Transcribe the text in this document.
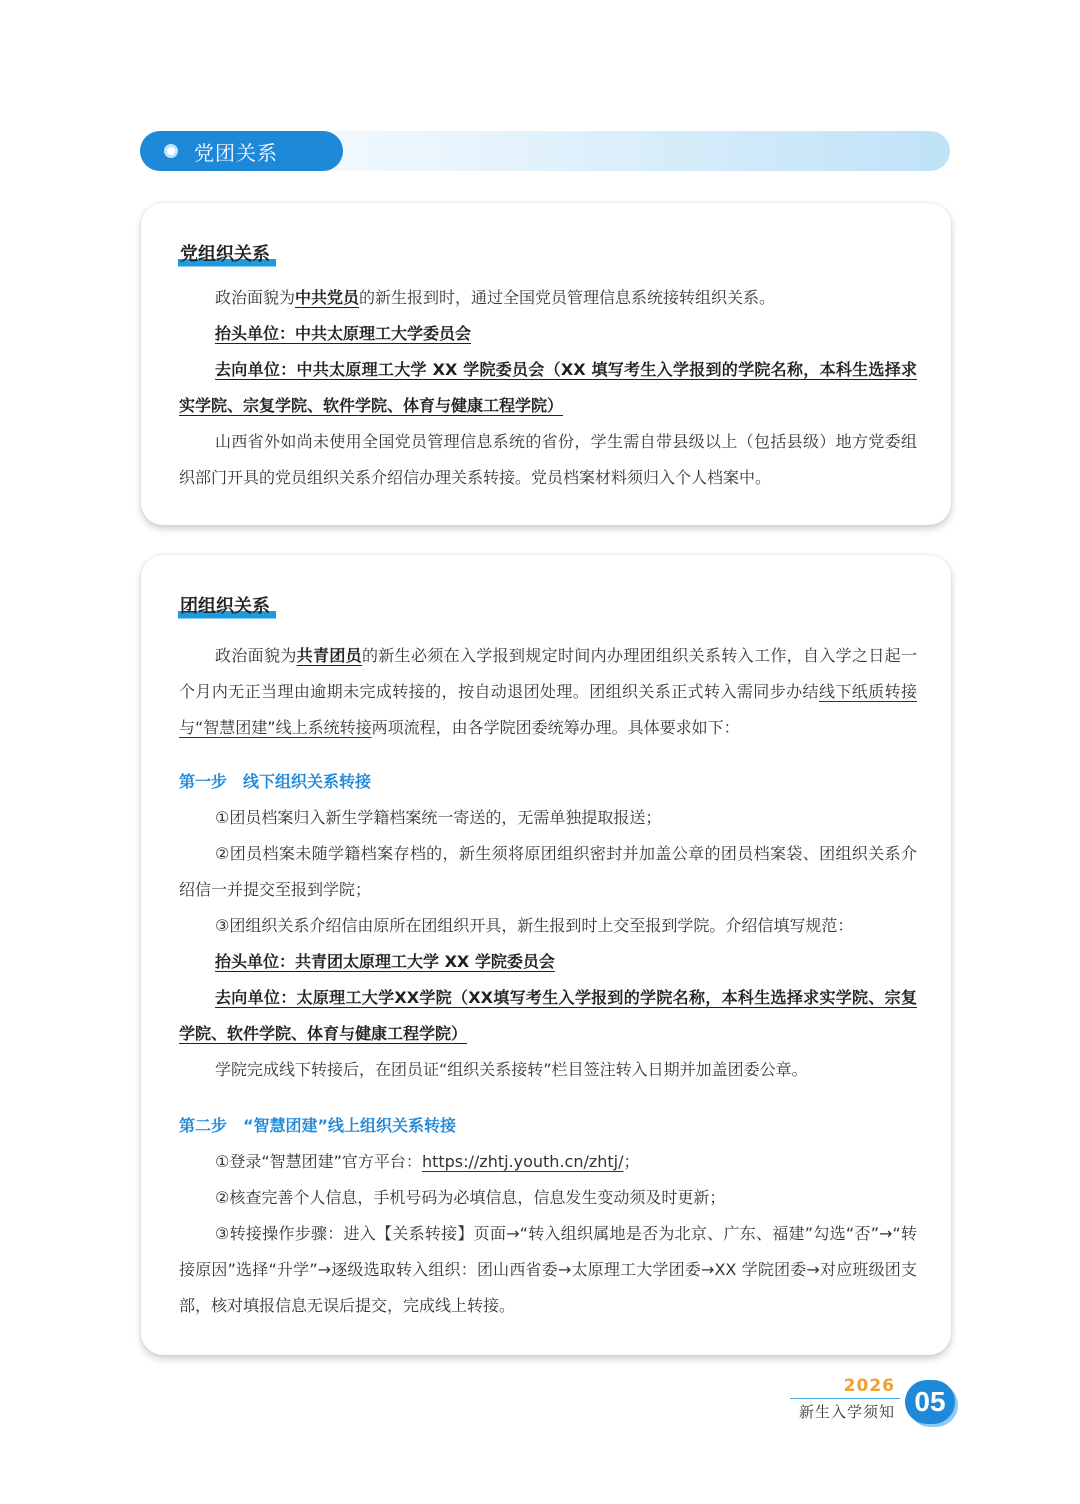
党团关系
党组织关系

政治面貌为中共党员的新生报到时，通过全国党员管理信息系统接转组织关系。

抬头单位：中共太原理工大学委员会

去向单位：中共太原理工大学 XX 学院委员会（XX 填写考生入学报到的学院名称，本科生选择求实学院、宗复学院、软件学院、体育与健康工程学院）

山西省外如尚未使用全国党员管理信息系统的省份，学生需自带县级以上（包括县级）地方党委组织部门开具的党员组织关系介绍信办理关系转接。党员档案材料须归入个人档案中。

团组织关系

政治面貌为共青团员的新生必须在入学报到规定时间内办理团组织关系转入工作，自入学之日起一个月内无正当理由逾期未完成转接的，按自动退团处理。团组织关系正式转入需同步办结线下纸质转接与“智慧团建”线上系统转接两项流程，由各学院团委统筹办理。具体要求如下：

第一步　线下组织关系转接

①团员档案归入新生学籍档案统一寄送的，无需单独提取报送；

②团员档案未随学籍档案存档的，新生须将原团组织密封并加盖公章的团员档案袋、团组织关系介绍信一并提交至报到学院；

③团组织关系介绍信由原所在团组织开具，新生报到时上交至报到学院。介绍信填写规范：

抬头单位：共青团太原理工大学 XX 学院委员会

去向单位：太原理工大学XX学院（XX填写考生入学报到的学院名称，本科生选择求实学院、宗复学院、软件学院、体育与健康工程学院）

学院完成线下转接后，在团员证“组织关系接转”栏目签注转入日期并加盖团委公章。

第二步　“智慧团建”线上组织关系转接

①登录“智慧团建”官方平台：https://zhtj.youth.cn/zhtj/；

②核查完善个人信息，手机号码为必填信息，信息发生变动须及时更新；

③转接操作步骤：进入【关系转接】页面→“转入组织属地是否为北京、广东、福建”勾选“否”→“转接原因”选择“升学”→逐级选取转入组织：团山西省委→太原理工大学团委→XX 学院团委→对应班级团支部，核对填报信息无误后提交，完成线上转接。

2026
新生入学须知 05
